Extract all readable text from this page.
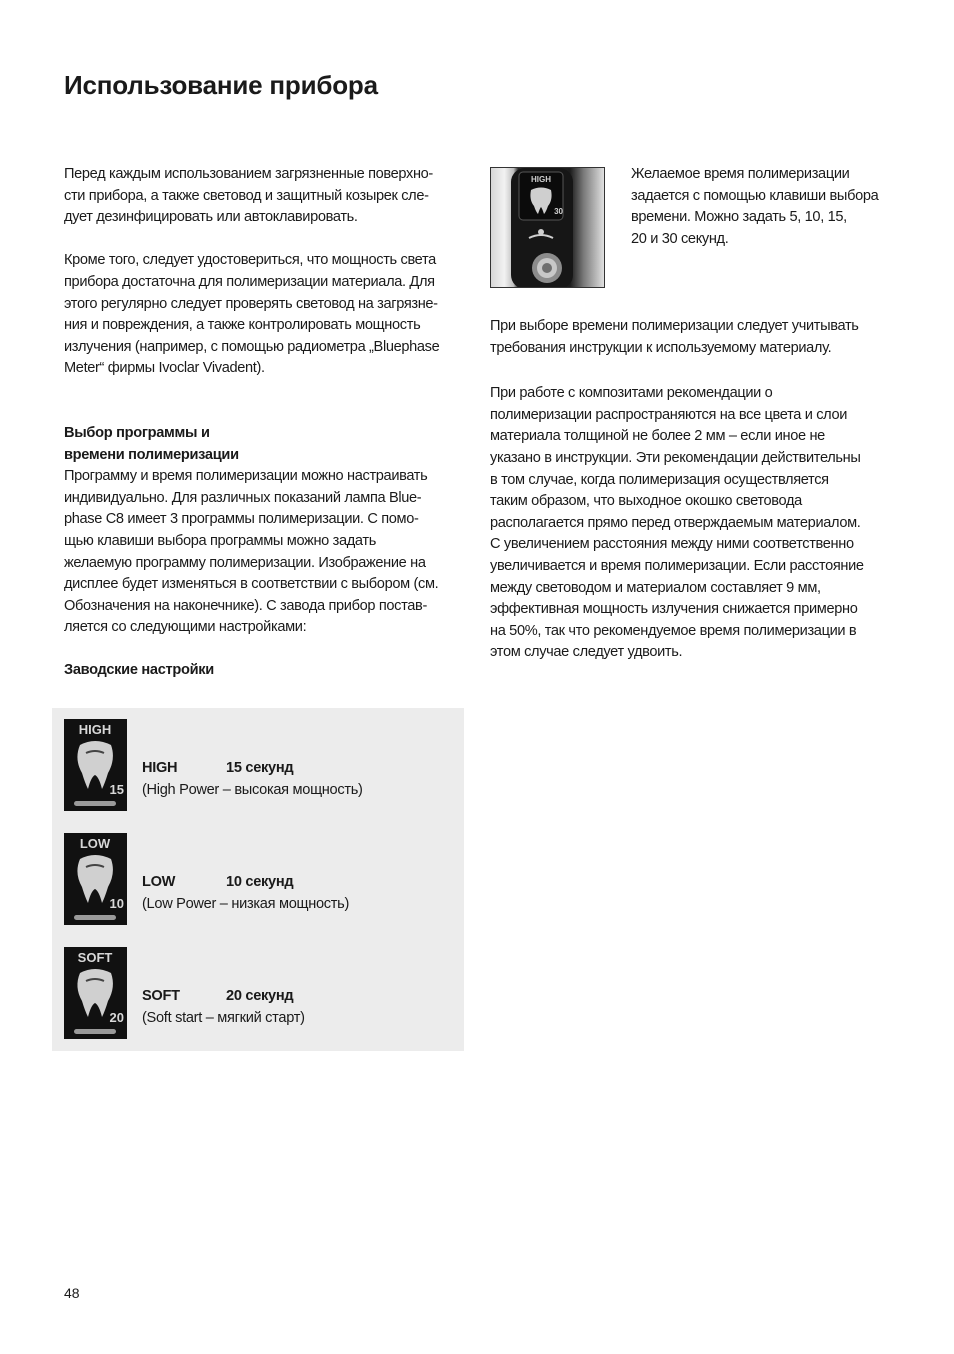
Использование прибора

Перед каждым использованием загрязненные поверхно-
сти прибора, а также световод и защитный козырек сле-
дует дезинфицировать или автоклавировать.

Кроме того, следует удостовериться, что мощность света
прибора достаточна для полимеризации материала. Для
этого регулярно следует проверять световод на загрязне-
ния и повреждения, а также контролировать мощность
излучения (например, с помощью радиометра „Bluephase
Meter“ фирмы Ivoclar Vivadent).

Выбор программы и
времени полимеризации

Программу и время полимеризации можно настраивать
индивидуально. Для различных показаний лампа Blue-
phase C8 имеет 3 программы полимеризации. С помо-
щью клавиши выбора программы можно задать
желаемую программу полимеризации. Изображение на
дисплее будет изменяться в соответствии с выбором (см.
Обозначения на наконечнике). С завода прибор постав-
ляется со следующими настройками:

Заводские настройки
HIGH
15
HIGH	15 секунд
(High Power – высокая мощность)
LOW
10
LOW	10 секунд
(Low Power – низкая мощность)
SOFT
20
SOFT	20 секунд
(Soft start – мягкий старт)
HIGH
30

Желаемое время полимеризации
задается с помощью клавиши выбора
времени. Можно задать 5, 10, 15,
20 и 30 секунд.

При выборе времени полимеризации следует учитывать
требования инструкции к используемому материалу.

При работе с композитами рекомендации о
полимеризации распространяются на все цвета и слои
материала толщиной не более 2 мм – если иное не
указано в инструкции. Эти рекомендации действительны
в том случае, когда полимеризация осуществляется
таким образом, что выходное окошко световода
располагается прямо перед отверждаемым материалом.
С увеличением расстояния между ними соответственно
увеличивается и время полимеризации. Если расстояние
между световодом и материалом составляет 9 мм,
эффективная мощность излучения снижается примерно
на 50%, так что рекомендуемое время полимеризации в
этом случае следует удвоить.

48
